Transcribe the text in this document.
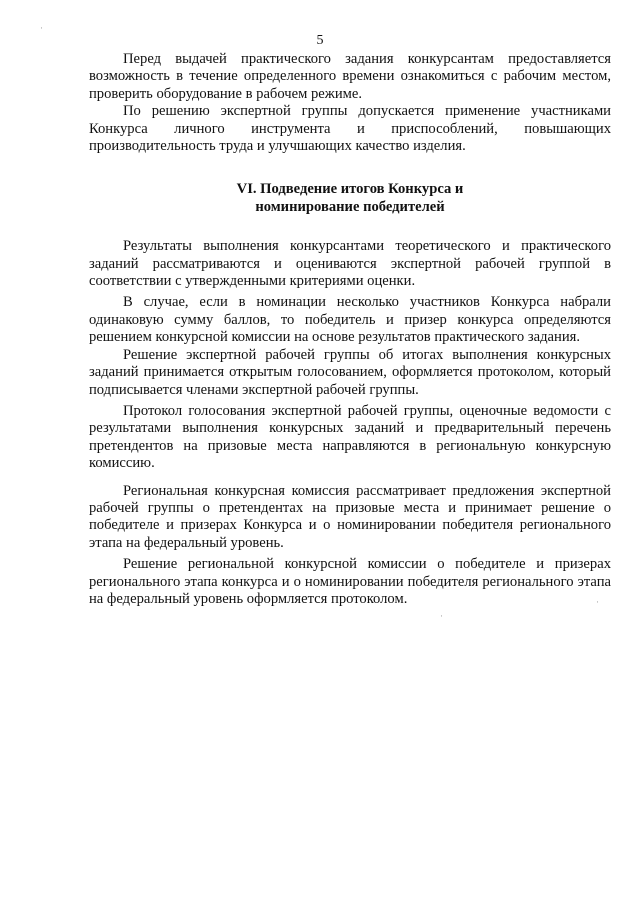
5

Перед выдачей практического задания конкурсантам предоставляется возможность в течение определенного времени ознакомиться с рабочим местом, проверить оборудование в рабочем режиме.

По решению экспертной группы допускается применение участниками Конкурса личного инструмента и приспособлений, повышающих производительность труда и улучшающих качество изделия.

VI. Подведение итогов Конкурса и
номинирование победителей

Результаты выполнения конкурсантами теоретического и практического заданий рассматриваются и оцениваются экспертной рабочей группой в соответствии с утвержденными критериями оценки.

В случае, если в номинации несколько участников Конкурса набрали одинаковую сумму баллов, то победитель и призер конкурса определяются решением конкурсной комиссии на основе результатов практического задания.

Решение экспертной рабочей группы об итогах выполнения конкурсных заданий принимается открытым голосованием, оформляется протоколом, который подписывается членами экспертной рабочей группы.

Протокол голосования экспертной рабочей группы, оценочные ведомости с результатами выполнения конкурсных заданий и предварительный перечень претендентов на призовые места направляются в региональную конкурсную комиссию.

Региональная конкурсная комиссия рассматривает предложения экспертной рабочей группы о претендентах на призовые места и принимает решение о победителе и призерах Конкурса и о номинировании победителя регионального этапа на федеральный уровень.

Решение региональной конкурсной комиссии о победителе и призерах регионального этапа конкурса и о номинировании победителя регионального этапа на федеральный уровень оформляется протоколом.

·
·
·
